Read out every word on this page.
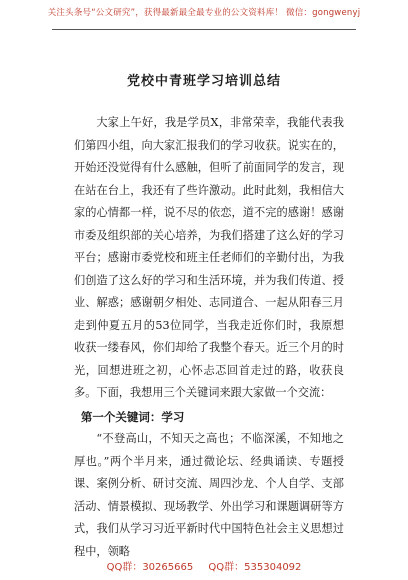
关注头条号“公文研究”，获得最新最全最专业的公文资料库！ 微信：gongwenyj
党校中青班学习培训总结

大家上午好，我是学员X，非常荣幸，我能代表我们第四小组，向大家汇报我们的学习收获。说实在的，开始还没觉得有什么感触，但听了前面同学的发言，现在站在台上，我还有了些许激动。此时此刻，我相信大家的心情都一样，说不尽的依恋，道不完的感谢！感谢市委及组织部的关心培养，为我们搭建了这么好的学习平台；感谢市委党校和班主任老师们的辛勤付出，为我们创造了这么好的学习和生活环境，并为我们传道、授业、解惑；感谢朝夕相处、志同道合、一起从阳春三月走到仲夏五月的53位同学，当我走近你们时，我原想收获一缕春风，你们却给了我整个春天。近三个月的时光，回想进班之初，心怀忐忑回首走过的路，收获良多。下面，我想用三个关键词来跟大家做一个交流：

第一个关键词：学习

“不登高山，不知天之高也；不临深溪，不知地之厚也。”两个半月来，通过微论坛、经典诵读、专题授课、案例分析、研讨交流、周四沙龙、个人自学、支部活动、情景模拟、现场教学、外出学习和课题调研等方式，我们从学习习近平新时代中国特色社会主义思想过程中，领略

QQ群：30265665 QQ群：535304092
